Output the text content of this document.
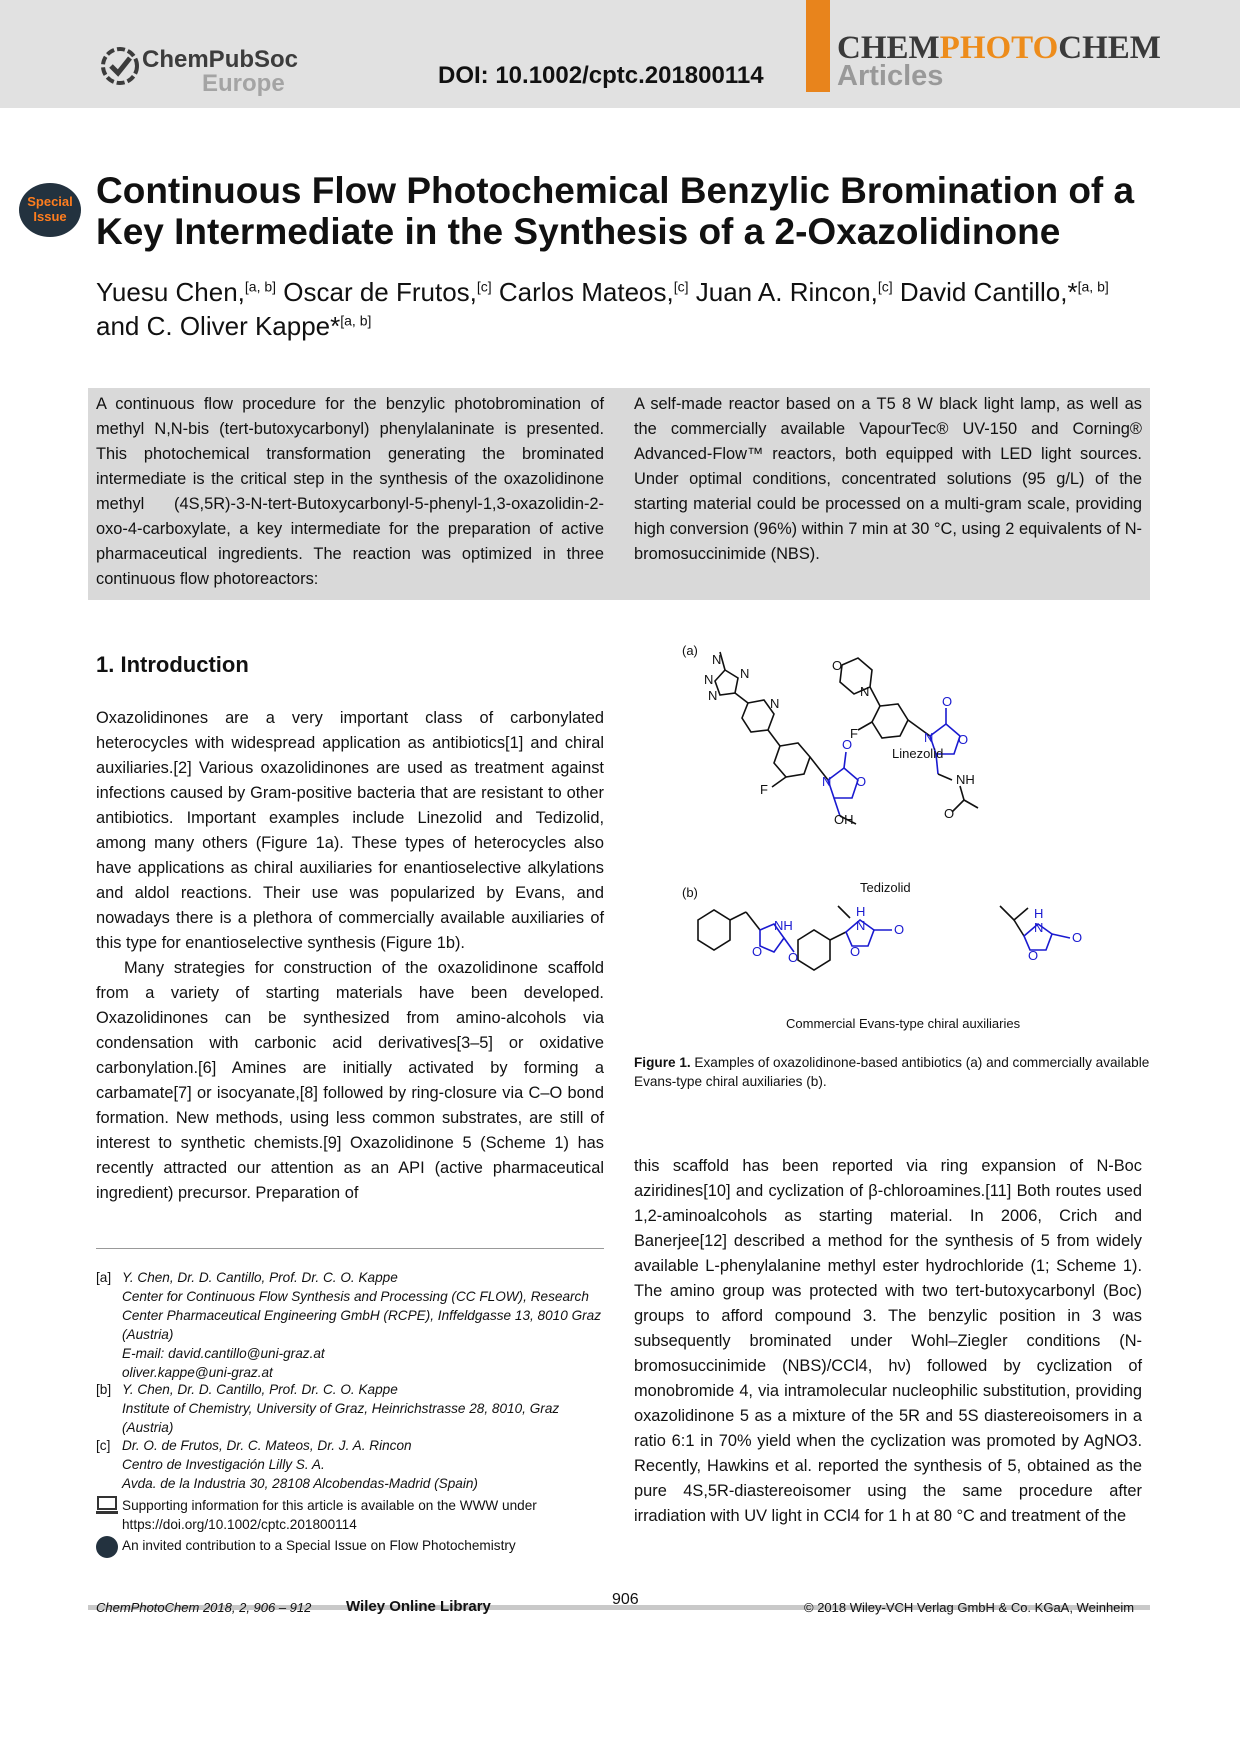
ChemPubSoc
Europe	DOI: 10.1002/cptc.201800114
CHEMPHOTOCHEM
Articles
Special
Issue
Continuous Flow Photochemical Benzylic Bromination of a Key Intermediate in the Synthesis of a 2-Oxazolidinone
Yuesu Chen,[a, b] Oscar de Frutos,[c] Carlos Mateos,[c] Juan A. Rincon,[c] David Cantillo,*[a, b] and C. Oliver Kappe*[a, b]
A continuous flow procedure for the benzylic photobromination of methyl N,N-bis (tert-butoxycarbonyl) phenylalaninate is presented. This photochemical transformation generating the brominated intermediate is the critical step in the synthesis of the oxazolidinone methyl (4S,5R)-3-N-tert-Butoxycarbonyl-5-phenyl-1,3-oxazolidin-2-oxo-4-carboxylate, a key intermediate for the preparation of active pharmaceutical ingredients. The reaction was optimized in three continuous flow photoreactors:
A self-made reactor based on a T5 8 W black light lamp, as well as the commercially available VapourTec® UV-150 and Corning® Advanced-Flow™ reactors, both equipped with LED light sources. Under optimal conditions, concentrated solutions (95 g/L) of the starting material could be processed on a multi-gram scale, providing high conversion (96%) within 7 min at 30 °C, using 2 equivalents of N-bromosuccinimide (NBS).
1. Introduction

Oxazolidinones are a very important class of carbonylated heterocycles with widespread application as antibiotics[1] and chiral auxiliaries.[2] Various oxazolidinones are used as treatment against infections caused by Gram-positive bacteria that are resistant to other antibiotics. Important examples include Linezolid and Tedizolid, among many others (Figure 1a). These types of heterocycles also have applications as chiral auxiliaries for enantioselective alkylations and aldol reactions. Their use was popularized by Evans, and nowadays there is a plethora of commercially available auxiliaries of this type for enantioselective synthesis (Figure 1b).

Many strategies for construction of the oxazolidinone scaffold from a variety of starting materials have been developed. Oxazolidinones can be synthesized from amino-alcohols via condensation with carbonic acid derivatives[3–5] or oxidative carbonylation.[6] Amines are initially activated by forming a carbamate[7] or isocyanate,[8] followed by ring-closure via C–O bond formation. New methods, using less common substrates, are still of interest to synthetic chemists.[9] Oxazolidinone 5 (Scheme 1) has recently attracted our attention as an API (active pharmaceutical ingredient) precursor. Preparation of

[a] Y. Chen, Dr. D. Cantillo, Prof. Dr. C. O. Kappe
Center for Continuous Flow Synthesis and Processing (CC FLOW), Research Center Pharmaceutical Engineering GmbH (RCPE), Inffeldgasse 13, 8010 Graz (Austria)
E-mail: david.cantillo@uni-graz.at
oliver.kappe@uni-graz.at
[b] Y. Chen, Dr. D. Cantillo, Prof. Dr. C. O. Kappe
Institute of Chemistry, University of Graz, Heinrichstrasse 28, 8010, Graz (Austria)
[c] Dr. O. de Frutos, Dr. C. Mateos, Dr. J. A. Rincon
Centro de Investigación Lilly S. A.
Avda. de la Industria 30, 28108 Alcobendas-Madrid (Spain)
Supporting information for this article is available on the WWW under https://doi.org/10.1002/cptc.201800114
An invited contribution to a Special Issue on Flow Photochemistry
(a)
(b)
N
N
N
N
N
F
Tedizolid
OH
O
N
F
Linezolid
NH
O
Commercial Evans-type chiral auxiliaries
O
N O
O
N O
NH
O O
H
N
O
O
H
N
O
O
Figure 1. Examples of oxazolidinone-based antibiotics (a) and commercially available Evans-type chiral auxiliaries (b).

this scaffold has been reported via ring expansion of N-Boc aziridines[10] and cyclization of β-chloroamines.[11] Both routes used 1,2-aminoalcohols as starting material. In 2006, Crich and Banerjee[12] described a method for the synthesis of 5 from widely available L-phenylalanine methyl ester hydrochloride (1; Scheme 1). The amino group was protected with two tert-butoxycarbonyl (Boc) groups to afford compound 3. The benzylic position in 3 was subsequently brominated under Wohl–Ziegler conditions (N-bromosuccinimide (NBS)/CCl4, hν) followed by cyclization of monobromide 4, via intramolecular nucleophilic substitution, providing oxazolidinone 5 as a mixture of the 5R and 5S diastereoisomers in a ratio 6:1 in 70% yield when the cyclization was promoted by AgNO3. Recently, Hawkins et al. reported the synthesis of 5, obtained as the pure 4S,5R-diastereoisomer using the same procedure after irradiation with UV light in CCl4 for 1 h at 80 °C and treatment of the

ChemPhotoChem 2018, 2, 906 – 912 Wiley Online Library	906	© 2018 Wiley-VCH Verlag GmbH & Co. KGaA, Weinheim
